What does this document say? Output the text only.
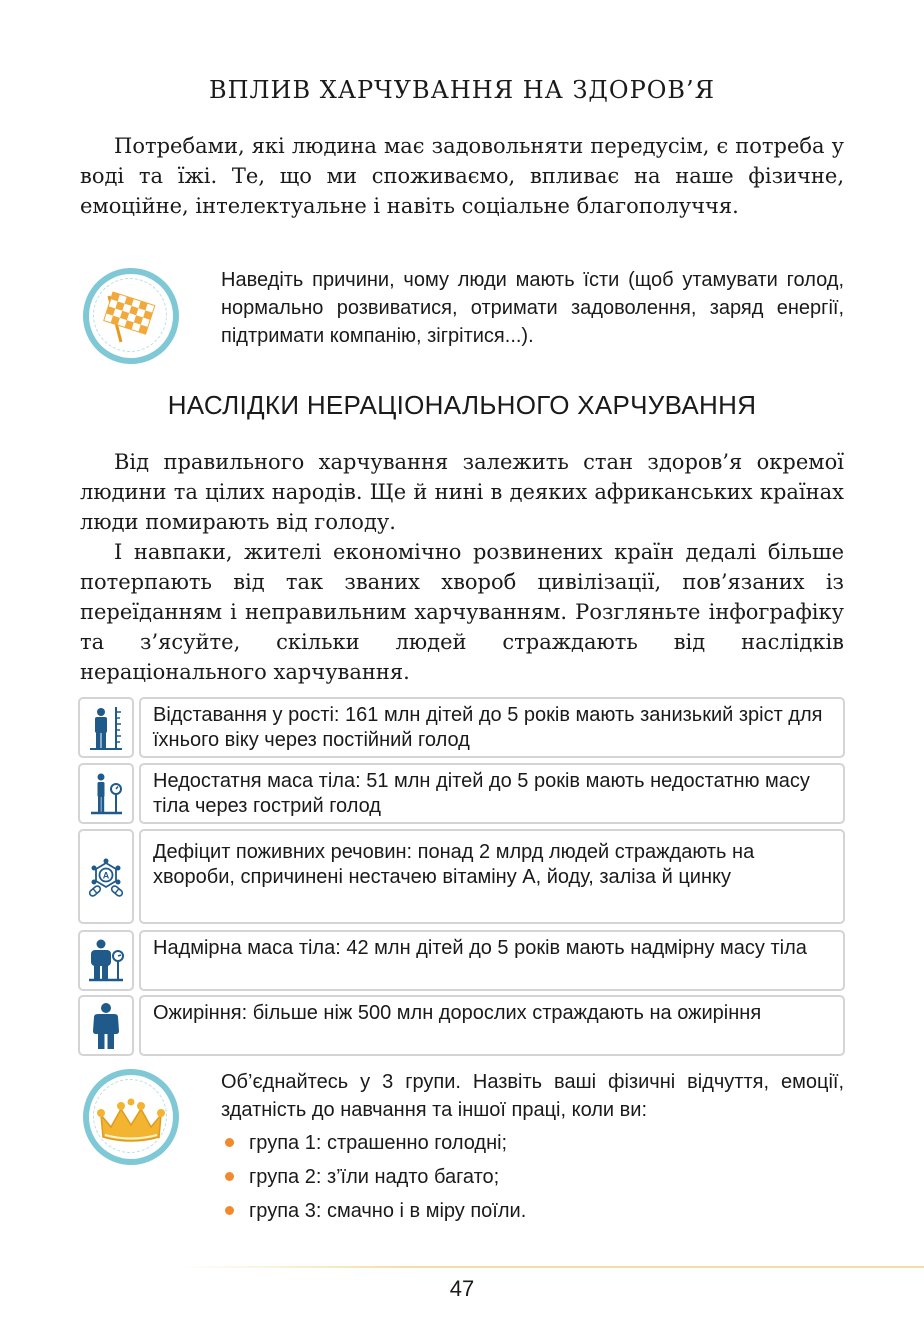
ВПЛИВ ХАРЧУВАННЯ НА ЗДОРОВ’Я
Потребами, які людина має задовольняти передусім, є потреба у воді та їжі. Те, що ми споживаємо, впливає на наше фізичне, емоційне, інтелектуальне і навіть соціальне благополуччя.
Наведіть причини, чому люди мають їсти (щоб утамувати голод, нормально розвиватися, отримати задоволення, заряд енергії, підтримати компанію, зігрітися...).
НАСЛІДКИ НЕРАЦІОНАЛЬНОГО ХАРЧУВАННЯ
Від правильного харчування залежить стан здоров’я окремої людини та цілих народів. Ще й нині в деяких африканських країнах люди помирають від голоду.
І навпаки, жителі економічно розвинених країн дедалі більше потерпають від так званих хвороб цивілізації, пов’язаних із переїданням і неправильним харчуванням. Розгляньте інфографіку та з’ясуйте, скільки людей страждають від наслідків нераціонального харчування.
Відставання у рості: 161 млн дітей до 5 років мають занизький зріст для їхнього віку через постійний голод
Недостатня маса тіла: 51 млн дітей до 5 років мають недостатню масу тіла через гострий голод
A
Дефіцит поживних речовин: понад 2 млрд людей страждають на хвороби, спричинені нестачею вітаміну А, йоду, заліза й цинку
Надмірна маса тіла: 42 млн дітей до 5 років мають надмірну масу тіла
Ожиріння: більше ніж 500 млн дорослих страждають на ожиріння
Об’єднайтесь у 3 групи. Назвіть ваші фізичні відчуття, емоції, здатність до навчання та іншої праці, коли ви:
група 1: страшенно голодні;
група 2: з’їли надто багато;
група 3: смачно і в міру поїли.
47
